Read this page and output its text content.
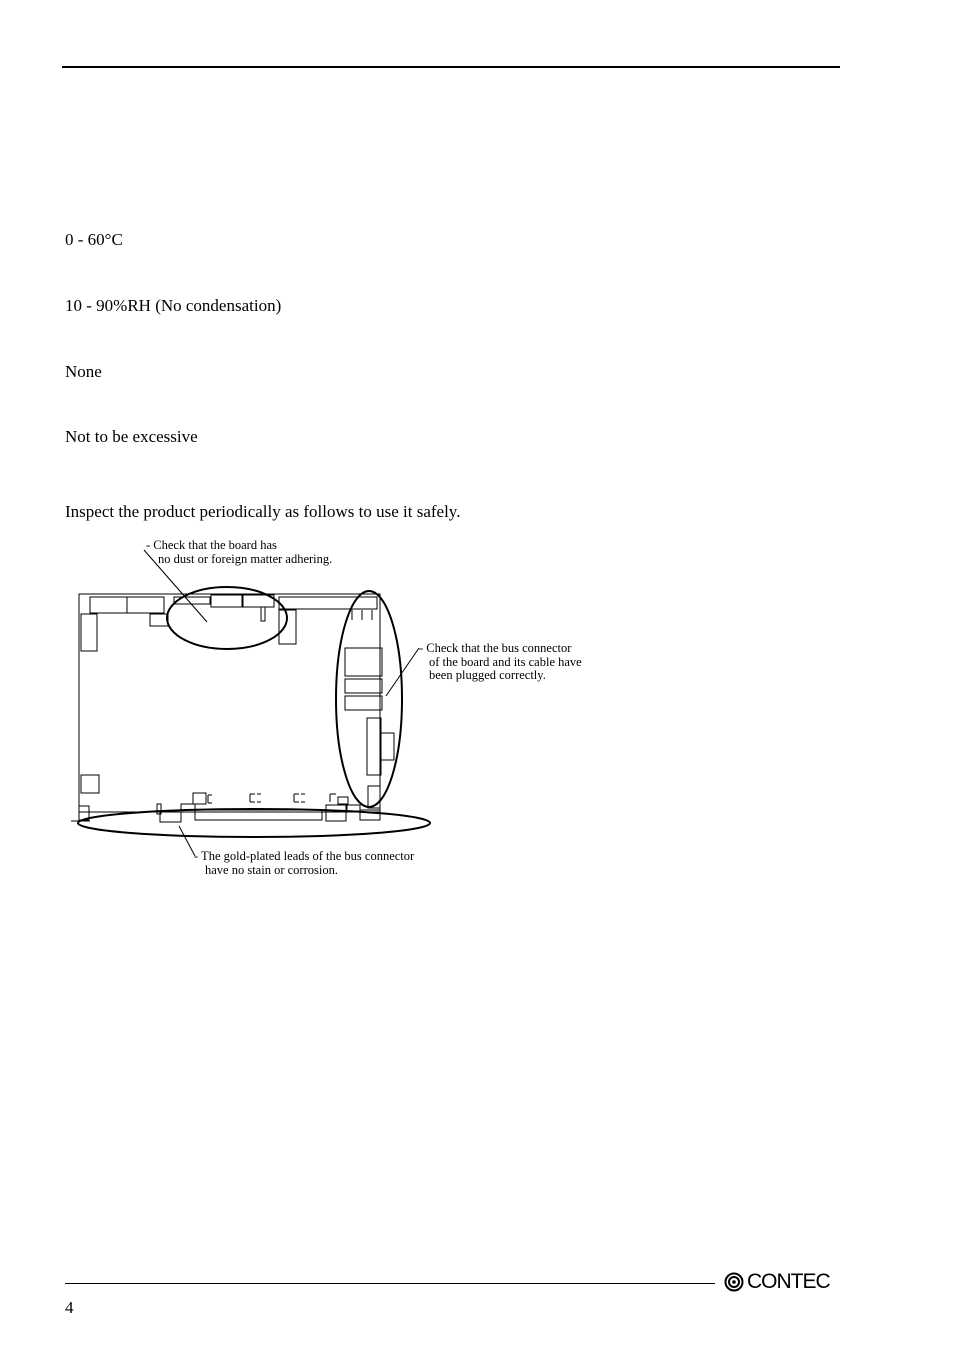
0 - 60°C
10 - 90%RH (No condensation)
None
Not to be excessive
Inspect the product periodically as follows to use it safely.
- Check that the board has
no dust or foreign matter adhering.
- Check that the bus connector
of the board and its cable have
been plugged correctly.
- The gold-plated leads of the bus connector
have no stain or corrosion.
4
CONTEC
